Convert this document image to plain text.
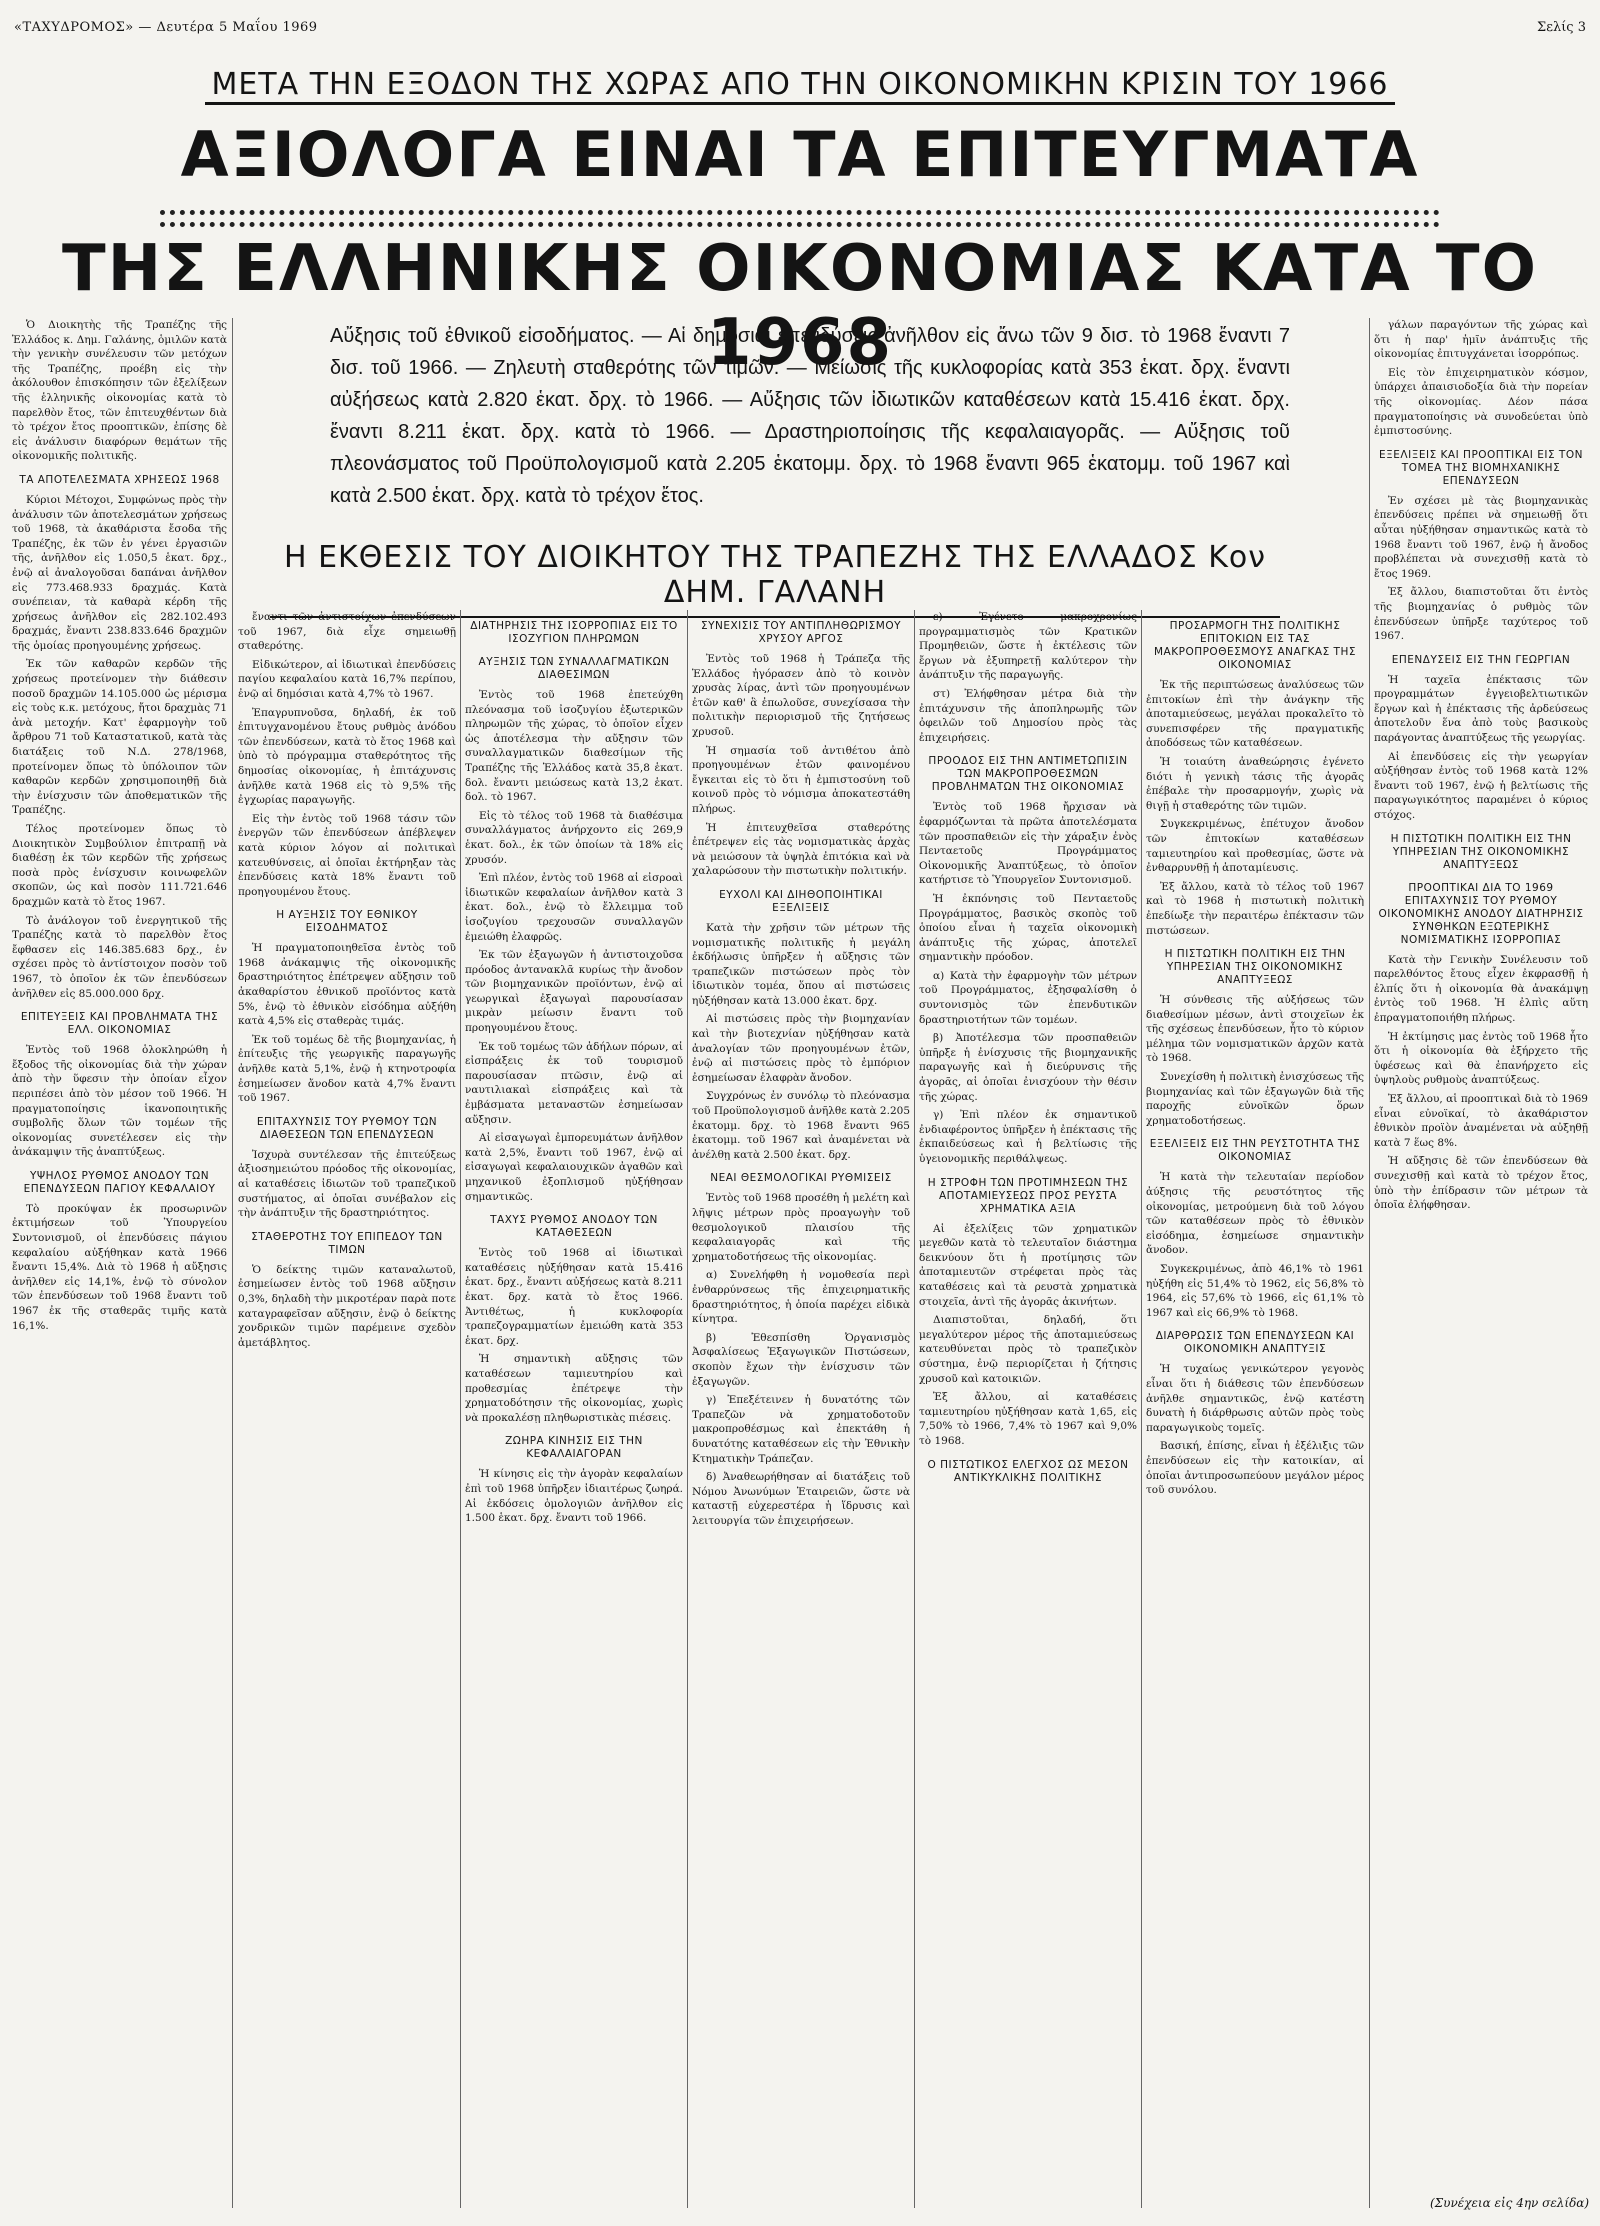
«ΤΑΧΥΔΡΟΜΟΣ» — Δευτέρα 5 Μαΐου 1969	Σελίς 3
ΜΕΤΑ ΤΗΝ ΕΞΟΔΟΝ ΤΗΣ ΧΩΡΑΣ ΑΠΟ ΤΗΝ ΟΙΚΟΝΟΜΙΚΗΝ ΚΡΙΣΙΝ ΤΟΥ 1966
ΑΞΙΟΛΟΓΑ ΕΙΝΑΙ ΤΑ ΕΠΙΤΕΥΓΜΑΤΑ
ΤΗΣ ΕΛΛΗΝΙΚΗΣ ΟΙΚΟΝΟΜΙΑΣ ΚΑΤΑ ΤΟ 1968
Αὔξησις τοῦ ἐθνικοῦ εἰσοδήματος. — Αἱ δημόσιαι ἐπενδύσεις ἀνῆλθον εἰς ἄνω τῶν 9 δισ. τὸ 1968 ἔναντι 7 δισ. τοῦ 1966. — Ζηλευτὴ σταθερότης τῶν τιμῶν. — Μείωσις τῆς κυκλοφορίας κατὰ 353 ἑκατ. δρχ. ἔναντι αὐξήσεως κατὰ 2.820 ἑκατ. δρχ. τὸ 1966. — Αὔξησις τῶν ἰδιωτικῶν καταθέσεων κατὰ 15.416 ἑκατ. δρχ. ἔναντι 8.211 ἑκατ. δρχ. κατὰ τὸ 1966. — Δραστηριοποίησις τῆς κεφαλαιαγορᾶς. — Αὔξησις τοῦ πλεονάσματος τοῦ Προϋπολογισμοῦ κατὰ 2.205 ἑκατομμ. δρχ. τὸ 1968 ἔναντι 965 ἑκατομμ. τοῦ 1967 καὶ κατὰ 2.500 ἑκατ. δρχ. κατὰ τὸ τρέχον ἔτος.
Η ΕΚΘΕΣΙΣ ΤΟΥ ΔΙΟΙΚΗΤΟΥ ΤΗΣ ΤΡΑΠΕΖΗΣ ΤΗΣ ΕΛΛΑΔΟΣ Κον ΔΗΜ. ΓΑΛΑΝΗ

Ὁ Διοικητὴς τῆς Τραπέζης τῆς Ἑλλάδος κ. Δημ. Γαλάνης, ὁμιλῶν κατὰ τὴν γενικὴν συνέλευσιν τῶν μετόχων τῆς Τραπέζης, προέβη εἰς τὴν ἀκόλουθον ἐπισκόπησιν τῶν ἐξελίξεων τῆς ἑλληνικῆς οἰκονομίας κατὰ τὸ παρελθὸν ἔτος, τῶν ἐπιτευχθέντων διὰ τὸ τρέχον ἔτος προοπτικῶν, ἐπίσης δὲ εἰς ἀνάλυσιν διαφόρων θεμάτων τῆς οἰκονομικῆς πολιτικῆς.

ΤΑ ΑΠΟΤΕΛΕΣΜΑΤΑ ΧΡΗΣΕΩΣ 1968

Κύριοι Μέτοχοι, Συμφώνως πρὸς τὴν ἀνάλυσιν τῶν ἀποτελεσμάτων χρήσεως τοῦ 1968, τὰ ἀκαθάριστα ἔσοδα τῆς Τραπέζης, ἐκ τῶν ἐν γένει ἐργασιῶν τῆς, ἀνῆλθον εἰς 1.050,5 ἑκατ. δρχ., ἐνῷ αἱ ἀναλογοῦσαι δαπάναι ἀνῆλθον εἰς 773.468.933 δραχμάς. Κατὰ συνέπειαν, τὰ καθαρὰ κέρδη τῆς χρήσεως ἀνῆλθον εἰς 282.102.493 δραχμάς, ἔναντι 238.833.646 δραχμῶν τῆς ὁμοίας προηγουμένης χρήσεως.

Ἐκ τῶν καθαρῶν κερδῶν τῆς χρήσεως προτείνομεν τὴν διάθεσιν ποσοῦ δραχμῶν 14.105.000 ὡς μέρισμα εἰς τοὺς κ.κ. μετόχους, ἤτοι δραχμὰς 71 ἀνὰ μετοχήν. Κατ' ἐφαρμογὴν τοῦ ἄρθρου 71 τοῦ Καταστατικοῦ, κατὰ τὰς διατάξεις τοῦ Ν.Δ. 278/1968, προτείνομεν ὅπως τὸ ὑπόλοιπον τῶν καθαρῶν κερδῶν χρησιμοποιηθῇ διὰ τὴν ἐνίσχυσιν τῶν ἀποθεματικῶν τῆς Τραπέζης.

Τέλος προτείνομεν ὅπως τὸ Διοικητικὸν Συμβούλιον ἐπιτραπῇ νὰ διαθέσῃ ἐκ τῶν κερδῶν τῆς χρήσεως ποσὰ πρὸς ἐνίσχυσιν κοινωφελῶν σκοπῶν, ὡς καὶ ποσὸν 111.721.646 δραχμῶν κατὰ τὸ ἔτος 1967.

Τὸ ἀνάλογον τοῦ ἐνεργητικοῦ τῆς Τραπέζης κατὰ τὸ παρελθὸν ἔτος ἔφθασεν εἰς 146.385.683 δρχ., ἐν σχέσει πρὸς τὸ ἀντίστοιχον ποσὸν τοῦ 1967, τὸ ὁποῖον ἐκ τῶν ἐπενδύσεων ἀνῆλθεν εἰς 85.000.000 δρχ.

ΕΠΙΤΕΥΞΕΙΣ ΚΑΙ ΠΡΟΒΛΗΜΑΤΑ ΤΗΣ ΕΛΛ. ΟΙΚΟΝΟΜΙΑΣ

Ἐντὸς τοῦ 1968 ὁλοκληρώθη ἡ ἔξοδος τῆς οἰκονομίας διὰ τὴν χώραν ἀπὸ τὴν ὕφεσιν τὴν ὁποίαν εἶχον περιπέσει ἀπὸ τὸν μέσον τοῦ 1966. Ἡ πραγματοποίησις ἱκανοποιητικῆς συμβολῆς ὅλων τῶν τομέων τῆς οἰκονομίας συνετέλεσεν εἰς τὴν ἀνάκαμψιν τῆς ἀναπτύξεως.

ΥΨΗΛΟΣ ΡΥΘΜΟΣ ΑΝΟΔΟΥ ΤΩΝ ΕΠΕΝΔΥΣΕΩΝ ΠΑΓΙΟΥ ΚΕΦΑΛΑΙΟΥ

Τὸ προκύψαν ἐκ προσωρινῶν ἐκτιμήσεων τοῦ Ὑπουργείου Συντονισμοῦ, οἱ ἐπενδύσεις πάγιου κεφαλαίου αὐξήθηκαν κατὰ 1966 ἔναντι 15,4%. Διὰ τὸ 1968 ἡ αὔξησις ἀνῆλθεν εἰς 14,1%, ἐνῷ τὸ σύνολον τῶν ἐπενδύσεων τοῦ 1968 ἔναντι τοῦ 1967 ἐκ τῆς σταθερᾶς τιμῆς κατὰ 16,1%.

ἔναντι τῶν ἀντιστοίχων ἐπενδύσεων τοῦ 1967, διὰ εἶχε σημειωθῇ σταθερότης.

Εἰδικώτερον, αἱ ἰδιωτικαὶ ἐπενδύσεις παγίου κεφαλαίου κατὰ 16,7% περίπου, ἐνῷ αἱ δημόσιαι κατὰ 4,7% τὸ 1967.

Ἐπαγρυπνοῦσα, δηλαδή, ἐκ τοῦ ἐπιτυγχανομένου ἔτους ρυθμὸς ἀνόδου τῶν ἐπενδύσεων, κατὰ τὸ ἔτος 1968 καὶ ὑπὸ τὸ πρόγραμμα σταθερότητος τῆς δημοσίας οἰκονομίας, ἡ ἐπιτάχυνσις ἀνῆλθε κατὰ 1968 εἰς τὸ 9,5% τῆς ἐγχωρίας παραγωγῆς.

Εἰς τὴν ἐντὸς τοῦ 1968 τάσιν τῶν ἐνεργῶν τῶν ἐπενδύσεων ἀπέβλεψεν κατὰ κύριον λόγον αἱ πολιτικαὶ κατευθύνσεις, αἱ ὁποῖαι ἐκτήρηξαν τὰς ἐπενδύσεις κατὰ 18% ἔναντι τοῦ προηγουμένου ἔτους.

Η ΑΥΞΗΣΙΣ ΤΟΥ ΕΘΝΙΚΟΥ ΕΙΣΟΔΗΜΑΤΟΣ

Ἡ πραγματοποιηθεῖσα ἐντὸς τοῦ 1968 ἀνάκαμψις τῆς οἰκονομικῆς δραστηριότητος ἐπέτρεψεν αὔξησιν τοῦ ἀκαθαρίστου ἐθνικοῦ προϊόντος κατὰ 5%, ἐνῷ τὸ ἐθνικὸν εἰσόδημα αὐξήθη κατὰ 4,5% εἰς σταθερὰς τιμάς.

Ἐκ τοῦ τομέως δὲ τῆς βιομηχανίας, ἡ ἐπίτευξις τῆς γεωργικῆς παραγωγῆς ἀνῆλθε κατὰ 5,1%, ἐνῷ ἡ κτηνοτροφία ἐσημείωσεν ἄνοδον κατὰ 4,7% ἔναντι τοῦ 1967.

ΕΠΙΤΑΧΥΝΣΙΣ ΤΟΥ ΡΥΘΜΟΥ ΤΩΝ ΔΙΑΘΕΣΕΩΝ ΤΩΝ ΕΠΕΝΔΥΣΕΩΝ

Ἰσχυρὰ συντέλεσαν τῆς ἐπιτεύξεως ἀξιοσημειώτου πρόοδος τῆς οἰκονομίας, αἱ καταθέσεις ἰδιωτῶν τοῦ τραπεζικοῦ συστήματος, αἱ ὁποῖαι συνέβαλον εἰς τὴν ἀνάπτυξιν τῆς δραστηριότητος.

ΣΤΑΘΕΡΟΤΗΣ ΤΟΥ ΕΠΙΠΕΔΟΥ ΤΩΝ ΤΙΜΩΝ

Ὁ δείκτης τιμῶν καταναλωτοῦ, ἐσημείωσεν ἐντὸς τοῦ 1968 αὔξησιν 0,3%, δηλαδὴ τὴν μικροτέραν παρὰ ποτε καταγραφεῖσαν αὔξησιν, ἐνῷ ὁ δείκτης χονδρικῶν τιμῶν παρέμεινε σχεδὸν ἀμετάβλητος.

ΔΙΑΤΗΡΗΣΙΣ ΤΗΣ ΙΣΟΡΡΟΠΙΑΣ ΕΙΣ ΤΟ ΙΣΟΖΥΓΙΟΝ ΠΛΗΡΩΜΩΝ
ΑΥΞΗΣΙΣ ΤΩΝ ΣΥΝΑΛΛΑΓΜΑΤΙΚΩΝ ΔΙΑΘΕΣΙΜΩΝ

Ἐντὸς τοῦ 1968 ἐπετεύχθη πλεόνασμα τοῦ ἰσοζυγίου ἐξωτερικῶν πληρωμῶν τῆς χώρας, τὸ ὁποῖον εἶχεν ὡς ἀποτέλεσμα τὴν αὔξησιν τῶν συναλλαγματικῶν διαθεσίμων τῆς Τραπέζης τῆς Ἑλλάδος κατὰ 35,8 ἑκατ. δολ. ἔναντι μειώσεως κατὰ 13,2 ἑκατ. δολ. τὸ 1967.

Εἰς τὸ τέλος τοῦ 1968 τὰ διαθέσιμα συναλλάγματος ἀνήρχοντο εἰς 269,9 ἑκατ. δολ., ἐκ τῶν ὁποίων τὰ 18% εἰς χρυσόν.

Ἐπὶ πλέον, ἐντὸς τοῦ 1968 αἱ εἰσροαὶ ἰδιωτικῶν κεφαλαίων ἀνῆλθον κατὰ 3 ἑκατ. δολ., ἐνῷ τὸ ἔλλειμμα τοῦ ἰσοζυγίου τρεχουσῶν συναλλαγῶν ἐμειώθη ἐλαφρῶς.

Ἐκ τῶν ἐξαγωγῶν ἡ ἀντιστοιχοῦσα πρόοδος ἀντανακλᾶ κυρίως τὴν ἄνοδον τῶν βιομηχανικῶν προϊόντων, ἐνῷ αἱ γεωργικαὶ ἐξαγωγαὶ παρουσίασαν μικρὰν μείωσιν ἔναντι τοῦ προηγουμένου ἔτους.

Ἐκ τοῦ τομέως τῶν ἀδήλων πόρων, αἱ εἰσπράξεις ἐκ τοῦ τουρισμοῦ παρουσίασαν πτῶσιν, ἐνῷ αἱ ναυτιλιακαὶ εἰσπράξεις καὶ τὰ ἐμβάσματα μεταναστῶν ἐσημείωσαν αὔξησιν.

Αἱ εἰσαγωγαὶ ἐμπορευμάτων ἀνῆλθον κατὰ 2,5%, ἔναντι τοῦ 1967, ἐνῷ αἱ εἰσαγωγαὶ κεφαλαιουχικῶν ἀγαθῶν καὶ μηχανικοῦ ἐξοπλισμοῦ ηὐξήθησαν σημαντικῶς.

ΤΑΧΥΣ ΡΥΘΜΟΣ ΑΝΟΔΟΥ ΤΩΝ ΚΑΤΑΘΕΣΕΩΝ

Ἐντὸς τοῦ 1968 αἱ ἰδιωτικαὶ καταθέσεις ηὐξήθησαν κατὰ 15.416 ἑκατ. δρχ., ἔναντι αὐξήσεως κατὰ 8.211 ἑκατ. δρχ. κατὰ τὸ ἔτος 1966. Ἀντιθέτως, ἡ κυκλοφορία τραπεζογραμματίων ἐμειώθη κατὰ 353 ἑκατ. δρχ.

Ἡ σημαντικὴ αὔξησις τῶν καταθέσεων ταμιευτηρίου καὶ προθεσμίας ἐπέτρεψε τὴν χρηματοδότησιν τῆς οἰκονομίας, χωρὶς νὰ προκαλέσῃ πληθωριστικὰς πιέσεις.

ΖΩΗΡΑ ΚΙΝΗΣΙΣ ΕΙΣ ΤΗΝ ΚΕΦΑΛΑΙΑΓΟΡΑΝ

Ἡ κίνησις εἰς τὴν ἀγορὰν κεφαλαίων ἐπὶ τοῦ 1968 ὑπῆρξεν ἰδιαιτέρως ζωηρά. Αἱ ἐκδόσεις ὁμολογιῶν ἀνῆλθον εἰς 1.500 ἑκατ. δρχ. ἔναντι τοῦ 1966.

ΣΥΝΕΧΙΣΙΣ ΤΟΥ ΑΝΤΙΠΛΗΘΩΡΙΣΜΟΥ ΧΡΥΣΟΥ ΑΡΓΟΣ

Ἐντὸς τοῦ 1968 ἡ Τράπεζα τῆς Ἑλλάδος ἠγόρασεν ἀπὸ τὸ κοινὸν χρυσὰς λίρας, ἀντὶ τῶν προηγουμένων ἐτῶν καθ' ἃ ἐπωλοῦσε, συνεχίσασα τὴν πολιτικὴν περιορισμοῦ τῆς ζητήσεως χρυσοῦ.

Ἡ σημασία τοῦ ἀντιθέτου ἀπὸ προηγουμένων ἐτῶν φαινομένου ἔγκειται εἰς τὸ ὅτι ἡ ἐμπιστοσύνη τοῦ κοινοῦ πρὸς τὸ νόμισμα ἀποκατεστάθη πλήρως.

Ἡ ἐπιτευχθεῖσα σταθερότης ἐπέτρεψεν εἰς τὰς νομισματικὰς ἀρχὰς νὰ μειώσουν τὰ ὑψηλὰ ἐπιτόκια καὶ νὰ χαλαρώσουν τὴν πιστωτικὴν πολιτικήν.

ΕΥΧΟΛΙ ΚΑΙ ΔΙΗΘΟΠΟΙΗΤΙΚΑΙ ΕΞΕΛΙΞΕΙΣ

Κατὰ τὴν χρῆσιν τῶν μέτρων τῆς νομισματικῆς πολιτικῆς ἡ μεγάλη ἐκδήλωσις ὑπῆρξεν ἡ αὔξησις τῶν τραπεζικῶν πιστώσεων πρὸς τὸν ἰδιωτικὸν τομέα, ὅπου αἱ πιστώσεις ηὐξήθησαν κατὰ 13.000 ἑκατ. δρχ.

Αἱ πιστώσεις πρὸς τὴν βιομηχανίαν καὶ τὴν βιοτεχνίαν ηὐξήθησαν κατὰ ἀναλογίαν τῶν προηγουμένων ἐτῶν, ἐνῷ αἱ πιστώσεις πρὸς τὸ ἐμπόριον ἐσημείωσαν ἐλαφρὰν ἄνοδον.

Συγχρόνως ἐν συνόλῳ τὸ πλεόνασμα τοῦ Προϋπολογισμοῦ ἀνῆλθε κατὰ 2.205 ἑκατομμ. δρχ. τὸ 1968 ἔναντι 965 ἑκατομμ. τοῦ 1967 καὶ ἀναμένεται νὰ ἀνέλθῃ κατὰ 2.500 ἑκατ. δρχ.

ΝΕΑΙ ΘΕΣΜΟΛΟΓΙΚΑΙ ΡΥΘΜΙΣΕΙΣ

Ἐντὸς τοῦ 1968 προσέθη ἡ μελέτη καὶ λῆψις μέτρων πρὸς προαγωγὴν τοῦ θεσμολογικοῦ πλαισίου τῆς κεφαλαιαγορᾶς καὶ τῆς χρηματοδοτήσεως τῆς οἰκονομίας.

α) Συνελήφθη ἡ νομοθεσία περὶ ἐνθαρρύνσεως τῆς ἐπιχειρηματικῆς δραστηριότητος, ἡ ὁποία παρέχει εἰδικὰ κίνητρα.

β) Ἐθεσπίσθη Ὀργανισμὸς Ἀσφαλίσεως Ἐξαγωγικῶν Πιστώσεων, σκοπὸν ἔχων τὴν ἐνίσχυσιν τῶν ἐξαγωγῶν.

γ) Ἐπεξέτεινεν ἡ δυνατότης τῶν Τραπεζῶν νὰ χρηματοδοτοῦν μακροπροθέσμως καὶ ἐπεκτάθη ἡ δυνατότης καταθέσεων εἰς τὴν Ἐθνικὴν Κτηματικὴν Τράπεζαν.

δ) Ἀναθεωρήθησαν αἱ διατάξεις τοῦ Νόμου Ἀνωνύμων Ἑταιρειῶν, ὥστε νὰ καταστῇ εὐχερεστέρα ἡ ἵδρυσις καὶ λειτουργία τῶν ἐπιχειρήσεων.

ε) Ἐγένετο μακροχρονίως προγραμματισμὸς τῶν Κρατικῶν Προμηθειῶν, ὥστε ἡ ἐκτέλεσις τῶν ἔργων νὰ ἐξυπηρετῇ καλύτερον τὴν ἀνάπτυξιν τῆς παραγωγῆς.

στ) Ἐλήφθησαν μέτρα διὰ τὴν ἐπιτάχυνσιν τῆς ἀποπληρωμῆς τῶν ὀφειλῶν τοῦ Δημοσίου πρὸς τὰς ἐπιχειρήσεις.

ΠΡΟΟΔΟΣ ΕΙΣ ΤΗΝ ΑΝΤΙΜΕΤΩΠΙΣΙΝ ΤΩΝ ΜΑΚΡΟΠΡΟΘΕΣΜΩΝ ΠΡΟΒΛΗΜΑΤΩΝ ΤΗΣ ΟΙΚΟΝΟΜΙΑΣ

Ἐντὸς τοῦ 1968 ἤρχισαν νὰ ἐφαρμόζωνται τὰ πρῶτα ἀποτελέσματα τῶν προσπαθειῶν εἰς τὴν χάραξιν ἐνὸς Πενταετοῦς Προγράμματος Οἰκονομικῆς Ἀναπτύξεως, τὸ ὁποῖον κατήρτισε τὸ Ὑπουργεῖον Συντονισμοῦ.

Ἡ ἐκπόνησις τοῦ Πενταετοῦς Προγράμματος, βασικὸς σκοπὸς τοῦ ὁποίου εἶναι ἡ ταχεῖα οἰκονομικὴ ἀνάπτυξις τῆς χώρας, ἀποτελεῖ σημαντικὴν πρόοδον.

α) Κατὰ τὴν ἐφαρμογὴν τῶν μέτρων τοῦ Προγράμματος, ἐξησφαλίσθη ὁ συντονισμὸς τῶν ἐπενδυτικῶν δραστηριοτήτων τῶν τομέων.

β) Ἀποτέλεσμα τῶν προσπαθειῶν ὑπῆρξε ἡ ἐνίσχυσις τῆς βιομηχανικῆς παραγωγῆς καὶ ἡ διεύρυνσις τῆς ἀγορᾶς, αἱ ὁποῖαι ἐνισχύουν τὴν θέσιν τῆς χώρας.

γ) Ἐπὶ πλέον ἐκ σημαντικοῦ ἐνδιαφέροντος ὑπῆρξεν ἡ ἐπέκτασις τῆς ἐκπαιδεύσεως καὶ ἡ βελτίωσις τῆς ὑγειονομικῆς περιθάλψεως.

Η ΣΤΡΟΦΗ ΤΩΝ ΠΡΟΤΙΜΗΣΕΩΝ ΤΗΣ ΑΠΟΤΑΜΙΕΥΣΕΩΣ ΠΡΟΣ ΡΕΥΣΤΑ ΧΡΗΜΑΤΙΚΑ ΑΞΙΑ

Αἱ ἐξελίξεις τῶν χρηματικῶν μεγεθῶν κατὰ τὸ τελευταῖον διάστημα δεικνύουν ὅτι ἡ προτίμησις τῶν ἀποταμιευτῶν στρέφεται πρὸς τὰς καταθέσεις καὶ τὰ ρευστὰ χρηματικὰ στοιχεῖα, ἀντὶ τῆς ἀγορᾶς ἀκινήτων.

Διαπιστοῦται, δηλαδή, ὅτι μεγαλύτερον μέρος τῆς ἀποταμιεύσεως κατευθύνεται πρὸς τὸ τραπεζικὸν σύστημα, ἐνῷ περιορίζεται ἡ ζήτησις χρυσοῦ καὶ κατοικιῶν.

Ἐξ ἄλλου, αἱ καταθέσεις ταμιευτηρίου ηὐξήθησαν κατὰ 1,65, εἰς 7,50% τὸ 1966, 7,4% τὸ 1967 καὶ 9,0% τὸ 1968.

Ο ΠΙΣΤΩΤΙΚΟΣ ΕΛΕΓΧΟΣ ΩΣ ΜΕΣΟΝ ΑΝΤΙΚΥΚΛΙΚΗΣ ΠΟΛΙΤΙΚΗΣ
ΠΡΟΣΑΡΜΟΓΗ ΤΗΣ ΠΟΛΙΤΙΚΗΣ ΕΠΙΤΟΚΙΩΝ ΕΙΣ ΤΑΣ ΜΑΚΡΟΠΡΟΘΕΣΜΟΥΣ ΑΝΑΓΚΑΣ ΤΗΣ ΟΙΚΟΝΟΜΙΑΣ

Ἐκ τῆς περιπτώσεως ἀναλύσεως τῶν ἐπιτοκίων ἐπὶ τὴν ἀνάγκην τῆς ἀποταμιεύσεως, μεγάλαι προκαλεῖτο τὸ συνεπισφέρεν τῆς πραγματικῆς ἀποδόσεως τῶν καταθέσεων.

Ἡ τοιαύτη ἀναθεώρησις ἐγένετο διότι ἡ γενικὴ τάσις τῆς ἀγορᾶς ἐπέβαλε τὴν προσαρμογήν, χωρὶς νὰ θιγῇ ἡ σταθερότης τῶν τιμῶν.

Συγκεκριμένως, ἐπέτυχον ἄνοδον τῶν ἐπιτοκίων καταθέσεων ταμιευτηρίου καὶ προθεσμίας, ὥστε νὰ ἐνθαρρυνθῇ ἡ ἀποταμίευσις.

Ἐξ ἄλλου, κατὰ τὸ τέλος τοῦ 1967 καὶ τὸ 1968 ἡ πιστωτικὴ πολιτικὴ ἐπεδίωξε τὴν περαιτέρω ἐπέκτασιν τῶν πιστώσεων.

Η ΠΙΣΤΩΤΙΚΗ ΠΟΛΙΤΙΚΗ ΕΙΣ ΤΗΝ ΥΠΗΡΕΣΙΑΝ ΤΗΣ ΟΙΚΟΝΟΜΙΚΗΣ ΑΝΑΠΤΥΞΕΩΣ

Ἡ σύνθεσις τῆς αὐξήσεως τῶν διαθεσίμων μέσων, ἀντὶ στοιχεῖων ἐκ τῆς σχέσεως ἐπενδύσεων, ἦτο τὸ κύριον μέλημα τῶν νομισματικῶν ἀρχῶν κατὰ τὸ 1968.

Συνεχίσθη ἡ πολιτικὴ ἐνισχύσεως τῆς βιομηχανίας καὶ τῶν ἐξαγωγῶν διὰ τῆς παροχῆς εὐνοϊκῶν ὅρων χρηματοδοτήσεως.

ΕΞΕΛΙΞΕΙΣ ΕΙΣ ΤΗΝ ΡΕΥΣΤΟΤΗΤΑ ΤΗΣ ΟΙΚΟΝΟΜΙΑΣ

Ἡ κατὰ τὴν τελευταίαν περίοδον ἀύξησις τῆς ρευστότητος τῆς οἰκονομίας, μετρούμενη διὰ τοῦ λόγου τῶν καταθέσεων πρὸς τὸ ἐθνικὸν εἰσόδημα, ἐσημείωσε σημαντικὴν ἄνοδον.

Συγκεκριμένως, ἀπὸ 46,1% τὸ 1961 ηὐξήθη εἰς 51,4% τὸ 1962, εἰς 56,8% τὸ 1964, εἰς 57,6% τὸ 1966, εἰς 61,1% τὸ 1967 καὶ εἰς 66,9% τὸ 1968.

ΔΙΑΡΘΡΩΣΙΣ ΤΩΝ ΕΠΕΝΔΥΣΕΩΝ ΚΑΙ ΟΙΚΟΝΟΜΙΚΗ ΑΝΑΠΤΥΞΙΣ

Ἡ τυχαίως γενικώτερον γεγονὸς εἶναι ὅτι ἡ διάθεσις τῶν ἐπενδύσεων ἀνῆλθε σημαντικῶς, ἐνῷ κατέστη δυνατὴ ἡ διάρθρωσις αὐτῶν πρὸς τοὺς παραγωγικοὺς τομεῖς.

Βασική, ἐπίσης, εἶναι ἡ ἐξέλιξις τῶν ἐπενδύσεων εἰς τὴν κατοικίαν, αἱ ὁποῖαι ἀντιπροσωπεύουν μεγάλον μέρος τοῦ συνόλου.

γάλων παραγόντων τῆς χώρας καὶ ὅτι ἡ παρ' ἡμῖν ἀνάπτυξις τῆς οἰκονομίας ἐπιτυγχάνεται ἰσορρόπως.

Εἰς τὸν ἐπιχειρηματικὸν κόσμον, ὑπάρχει ἀπαισιοδοξία διὰ τὴν πορείαν τῆς οἰκονομίας. Δέον πάσα πραγματοποίησις νὰ συνοδεύεται ὑπὸ ἐμπιστοσύνης.

ΕΞΕΛΙΞΕΙΣ ΚΑΙ ΠΡΟΟΠΤΙΚΑΙ ΕΙΣ ΤΟΝ ΤΟΜΕΑ ΤΗΣ ΒΙΟΜΗΧΑΝΙΚΗΣ ΕΠΕΝΔΥΣΕΩΝ

Ἐν σχέσει μὲ τὰς βιομηχανικὰς ἐπενδύσεις πρέπει νὰ σημειωθῇ ὅτι αὗται ηὐξήθησαν σημαντικῶς κατὰ τὸ 1968 ἔναντι τοῦ 1967, ἐνῷ ἡ ἄνοδος προβλέπεται νὰ συνεχισθῇ κατὰ τὸ ἔτος 1969.

Ἐξ ἄλλου, διαπιστοῦται ὅτι ἐντὸς τῆς βιομηχανίας ὁ ρυθμὸς τῶν ἐπενδύσεων ὑπῆρξε ταχύτερος τοῦ 1967.

ΕΠΕΝΔΥΣΕΙΣ ΕΙΣ ΤΗΝ ΓΕΩΡΓΙΑΝ

Ἡ ταχεῖα ἐπέκτασις τῶν προγραμμάτων ἐγγειοβελτιωτικῶν ἔργων καὶ ἡ ἐπέκτασις τῆς ἀρδεύσεως ἀποτελοῦν ἕνα ἀπὸ τοὺς βασικοὺς παράγοντας ἀναπτύξεως τῆς γεωργίας.

Αἱ ἐπενδύσεις εἰς τὴν γεωργίαν αὐξήθησαν ἐντὸς τοῦ 1968 κατὰ 12% ἔναντι τοῦ 1967, ἐνῷ ἡ βελτίωσις τῆς παραγωγικότητος παραμένει ὁ κύριος στόχος.

Η ΠΙΣΤΩΤΙΚΗ ΠΟΛΙΤΙΚΗ ΕΙΣ ΤΗΝ ΥΠΗΡΕΣΙΑΝ ΤΗΣ ΟΙΚΟΝΟΜΙΚΗΣ ΑΝΑΠΤΥΞΕΩΣ
ΠΡΟΟΠΤΙΚΑΙ ΔΙΑ ΤΟ 1969 ΕΠΙΤΑΧΥΝΣΙΣ ΤΟΥ ΡΥΘΜΟΥ ΟΙΚΟΝΟΜΙΚΗΣ ΑΝΟΔΟΥ ΔΙΑΤΗΡΗΣΙΣ ΣΥΝΘΗΚΩΝ ΕΞΩΤΕΡΙΚΗΣ ΝΟΜΙΣΜΑΤΙΚΗΣ ΙΣΟΡΡΟΠΙΑΣ

Κατὰ τὴν Γενικὴν Συνέλευσιν τοῦ παρελθόντος ἔτους εἶχεν ἐκφρασθῇ ἡ ἐλπίς ὅτι ἡ οἰκονομία θὰ ἀνακάμψῃ ἐντὸς τοῦ 1968. Ἡ ἐλπὶς αὕτη ἐπραγματοποιήθη πλήρως.

Ἡ ἐκτίμησις μας ἐντὸς τοῦ 1968 ἦτο ὅτι ἡ οἰκονομία θὰ ἐξήρχετο τῆς ὑφέσεως καὶ θὰ ἐπανήρχετο εἰς ὑψηλοὺς ρυθμοὺς ἀναπτύξεως.

Ἐξ ἄλλου, αἱ προοπτικαὶ διὰ τὸ 1969 εἶναι εὐνοϊκαί, τὸ ἀκαθάριστον ἐθνικὸν προϊὸν ἀναμένεται νὰ αὐξηθῇ κατὰ 7 ἕως 8%.

Ἡ αὔξησις δὲ τῶν ἐπενδύσεων θὰ συνεχισθῇ καὶ κατὰ τὸ τρέχον ἔτος, ὑπὸ τὴν ἐπίδρασιν τῶν μέτρων τὰ ὁποῖα ἐλήφθησαν.

(Συνέχεια εἰς 4ην σελίδα)
